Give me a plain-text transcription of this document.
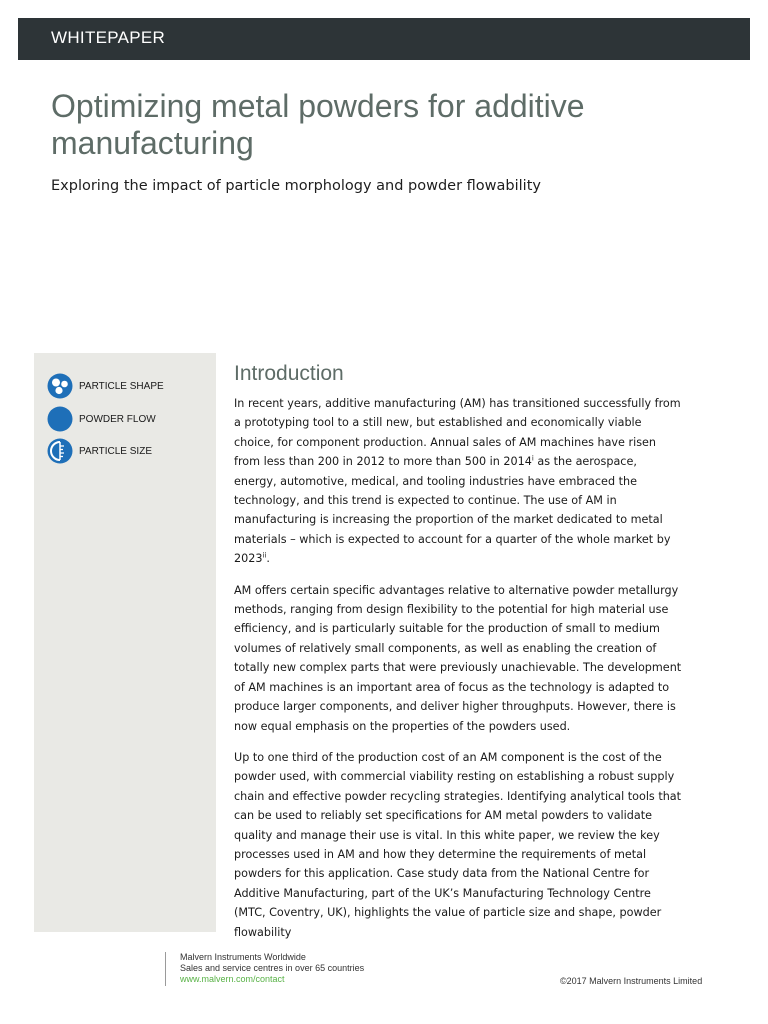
WHITEPAPER
Optimizing metal powders for additive manufacturing

Exploring the impact of particle morphology and powder flowability

PARTICLE SHAPE
POWDER FLOW
PARTICLE SIZE
Introduction

In recent years, additive manufacturing (AM) has transitioned successfully from a prototyping tool to a still new, but established and economically viable choice, for component production. Annual sales of AM machines have risen from less than 200 in 2012 to more than 500 in 2014$^i$ as the aerospace, energy, automotive, medical, and tooling industries have embraced the technology, and this trend is expected to continue. The use of AM in manufacturing is increasing the proportion of the market dedicated to metal materials – which is expected to account for a quarter of the whole market by 2023$^{ii}$.

AM offers certain specific advantages relative to alternative powder metallurgy methods, ranging from design flexibility to the potential for high material use efficiency, and is particularly suitable for the production of small to medium volumes of relatively small components, as well as enabling the creation of totally new complex parts that were previously unachievable. The development of AM machines is an important area of focus as the technology is adapted to produce larger components, and deliver higher throughputs. However, there is now equal emphasis on the properties of the powders used.

Up to one third of the production cost of an AM component is the cost of the powder used, with commercial viability resting on establishing a robust supply chain and effective powder recycling strategies. Identifying analytical tools that can be used to reliably set specifications for AM metal powders to validate quality and manage their use is vital. In this white paper, we review the key processes used in AM and how they determine the requirements of metal powders for this application. Case study data from the National Centre for Additive Manufacturing, part of the UK’s Manufacturing Technology Centre (MTC, Coventry, UK), highlights the value of particle size and shape, powder flowability

Malvern Instruments Worldwide
Sales and service centres in over 65 countries
www.malvern.com/contact	©2017 Malvern Instruments Limited
